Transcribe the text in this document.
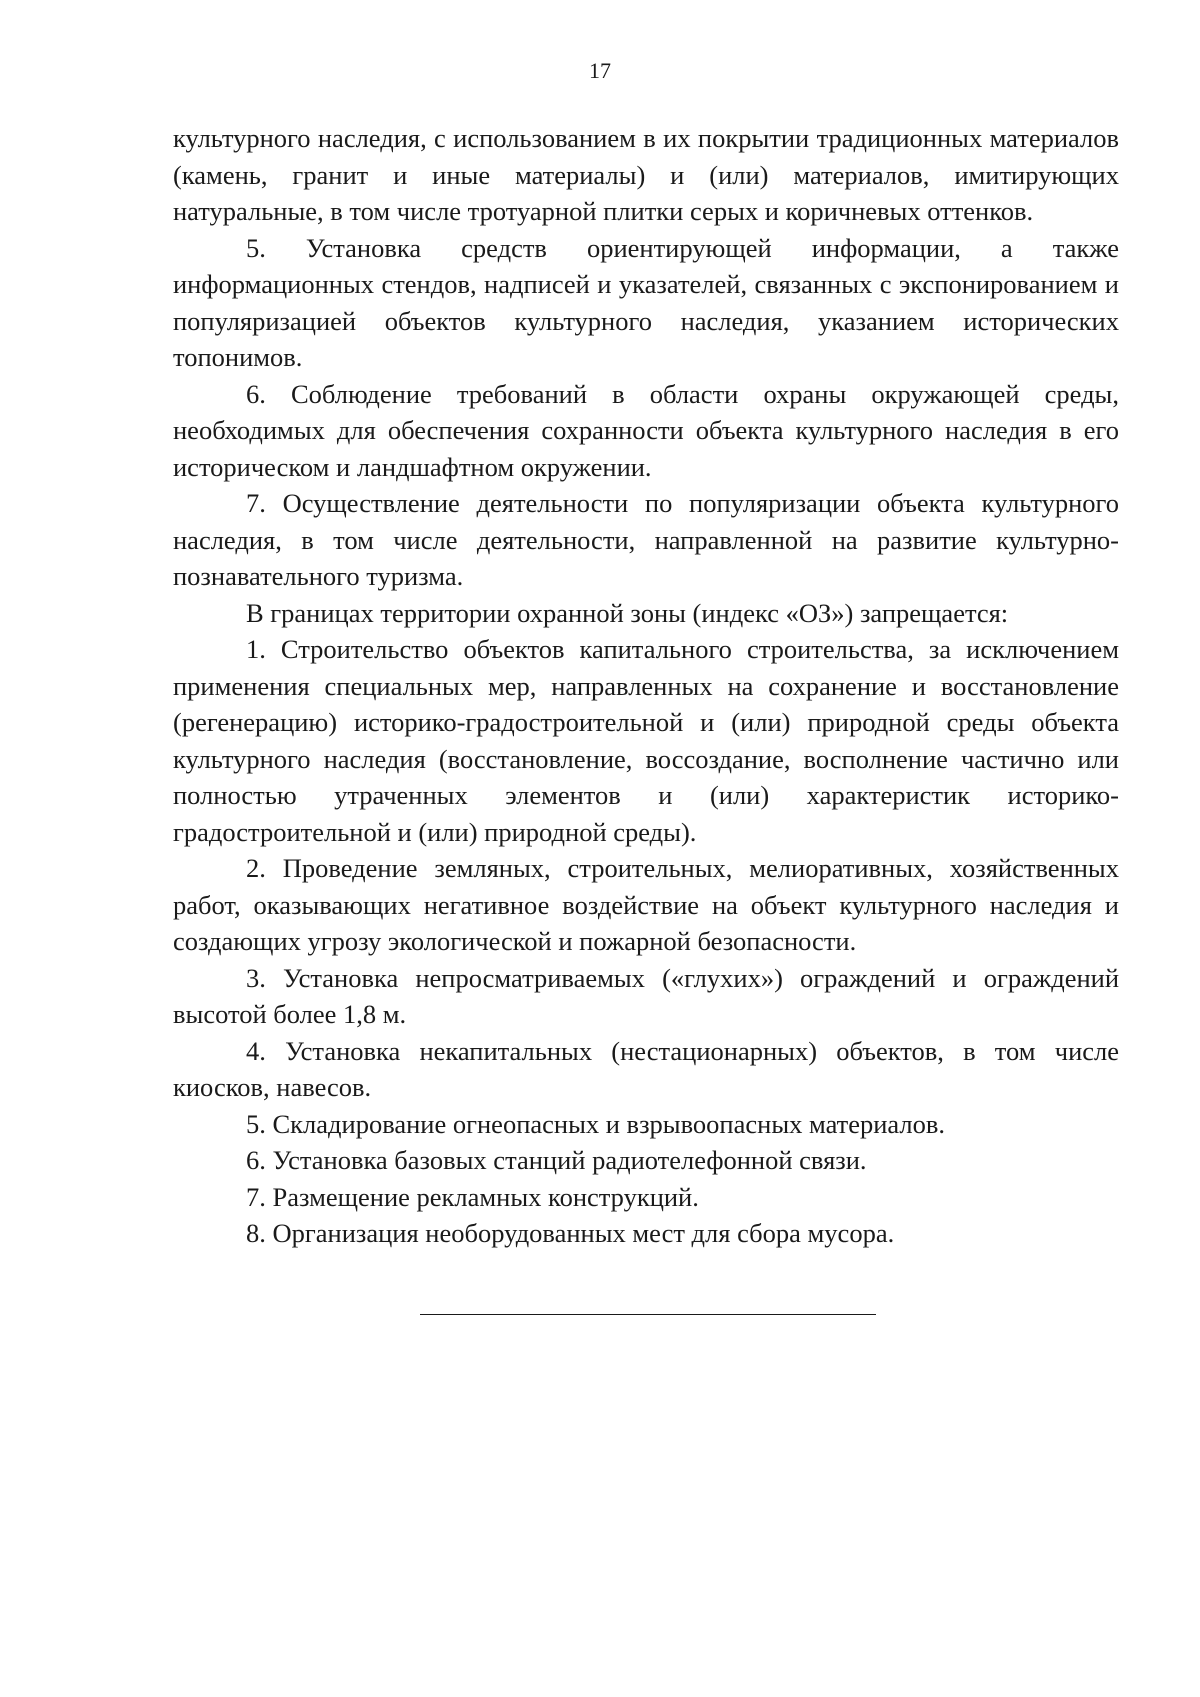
17

культурного наследия, с использованием в их покрытии традиционных материалов (камень, гранит и иные материалы) и (или) материалов, имитирующих натуральные, в том числе тротуарной плитки серых и коричневых оттенков.

5. Установка средств ориентирующей информации, а также информационных стендов, надписей и указателей, связанных с экспонированием и популяризацией объектов культурного наследия, указанием исторических топонимов.

6. Соблюдение требований в области охраны окружающей среды, необходимых для обеспечения сохранности объекта культурного наследия в его историческом и ландшафтном окружении.

7. Осуществление деятельности по популяризации объекта культурного наследия, в том числе деятельности, направленной на развитие культурно-познавательного туризма.

В границах территории охранной зоны (индекс «ОЗ») запрещается:

1. Строительство объектов капитального строительства, за исключением применения специальных мер, направленных на сохранение и восстановление (регенерацию) историко-градостроительной и (или) природной среды объекта культурного наследия (восстановление, воссоздание, восполнение частично или полностью утраченных элементов и (или) характеристик историко-градостроительной и (или) природной среды).

2. Проведение земляных, строительных, мелиоративных, хозяйственных работ, оказывающих негативное воздействие на объект культурного наследия и создающих угрозу экологической и пожарной безопасности.

3. Установка непросматриваемых («глухих») ограждений и ограждений высотой более 1,8 м.

4. Установка некапитальных (нестационарных) объектов, в том числе киосков, навесов.

5. Складирование огнеопасных и взрывоопасных материалов.

6. Установка базовых станций радиотелефонной связи.

7. Размещение рекламных конструкций.

8. Организация необорудованных мест для сбора мусора.
